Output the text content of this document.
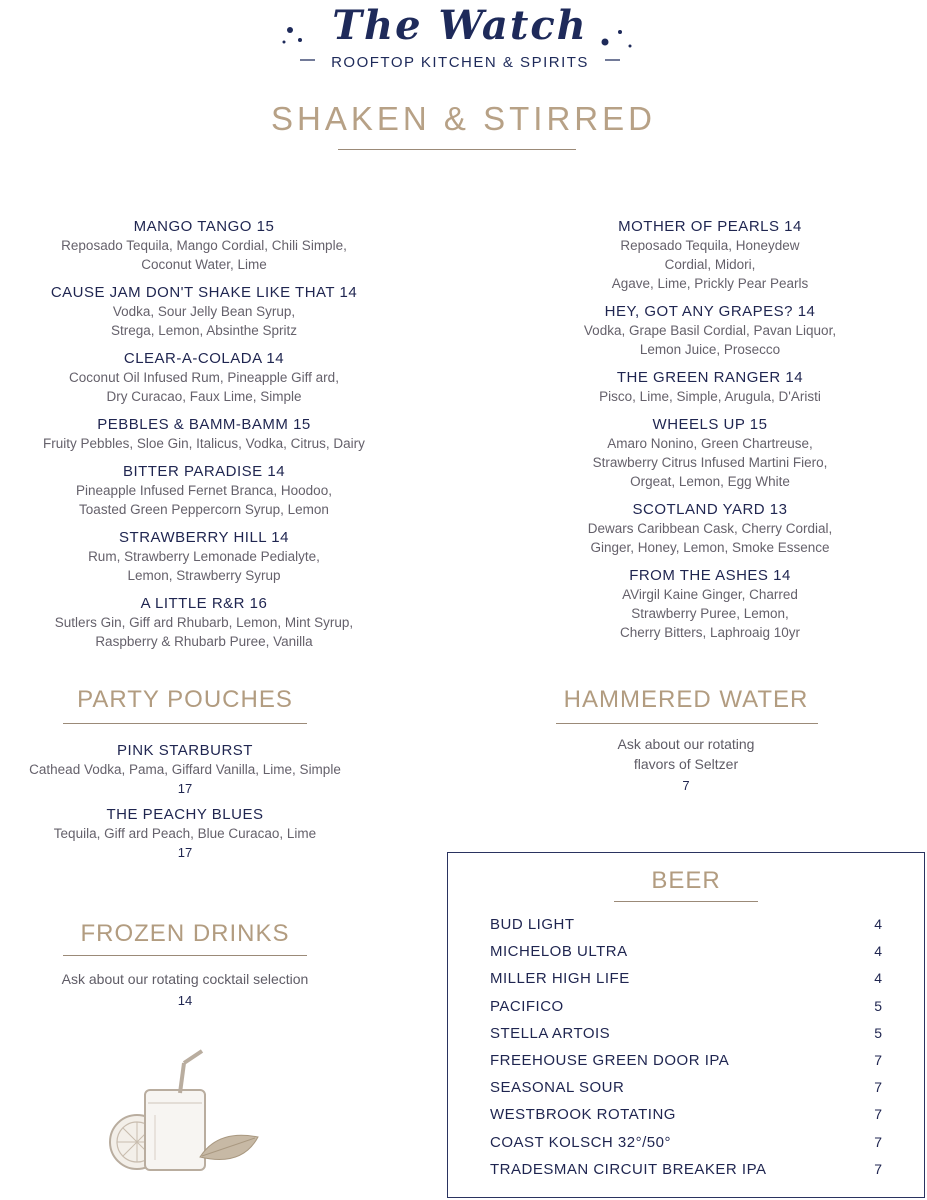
The Watch
ROOFTOP KITCHEN & SPIRITS
SHAKEN & STIRRED
MANGO TANGO 15
Reposado Tequila, Mango Cordial, Chili Simple,
Coconut Water, Lime
CAUSE JAM DON'T SHAKE LIKE THAT 14
Vodka, Sour Jelly Bean Syrup,
Strega, Lemon, Absinthe Spritz
CLEAR-A-COLADA 14
Coconut Oil Infused Rum, Pineapple Giff ard,
Dry Curacao, Faux Lime, Simple
PEBBLES & BAMM-BAMM 15
Fruity Pebbles, Sloe Gin, Italicus, Vodka, Citrus, Dairy
BITTER PARADISE 14
Pineapple Infused Fernet Branca, Hoodoo,
Toasted Green Peppercorn Syrup, Lemon
STRAWBERRY HILL 14
Rum, Strawberry Lemonade Pedialyte,
Lemon, Strawberry Syrup
A LITTLE R&R 16
Sutlers Gin, Giff ard Rhubarb, Lemon, Mint Syrup,
Raspberry & Rhubarb Puree, Vanilla
MOTHER OF PEARLS 14
Reposado Tequila, Honeydew
Cordial, Midori,
Agave, Lime, Prickly Pear Pearls
HEY, GOT ANY GRAPES? 14
Vodka, Grape Basil Cordial, Pavan Liquor,
Lemon Juice, Prosecco
THE GREEN RANGER 14
Pisco, Lime, Simple, Arugula, D'Aristi
WHEELS UP 15
Amaro Nonino, Green Chartreuse,
Strawberry Citrus Infused Martini Fiero,
Orgeat, Lemon, Egg White
SCOTLAND YARD 13
Dewars Caribbean Cask, Cherry Cordial,
Ginger, Honey, Lemon, Smoke Essence
FROM THE ASHES 14
AVirgil Kaine Ginger, Charred
Strawberry Puree, Lemon,
Cherry Bitters, Laphroaig 10yr
PARTY POUCHES
PINK STARBURST
Cathead Vodka, Pama, Giffard Vanilla, Lime, Simple
17
THE PEACHY BLUES
Tequila, Giff ard Peach, Blue Curacao, Lime
17
HAMMERED WATER
Ask about our rotating
flavors of Seltzer
7
FROZEN DRINKS
Ask about our rotating cocktail selection
14
BEER
BUD LIGHT	4
MICHELOB ULTRA	4
MILLER HIGH LIFE	4
PACIFICO	5
STELLA ARTOIS	5
FREEHOUSE GREEN DOOR IPA	7
SEASONAL SOUR	7
WESTBROOK ROTATING	7
COAST KOLSCH 32°/50°	7
TRADESMAN CIRCUIT BREAKER IPA	7
